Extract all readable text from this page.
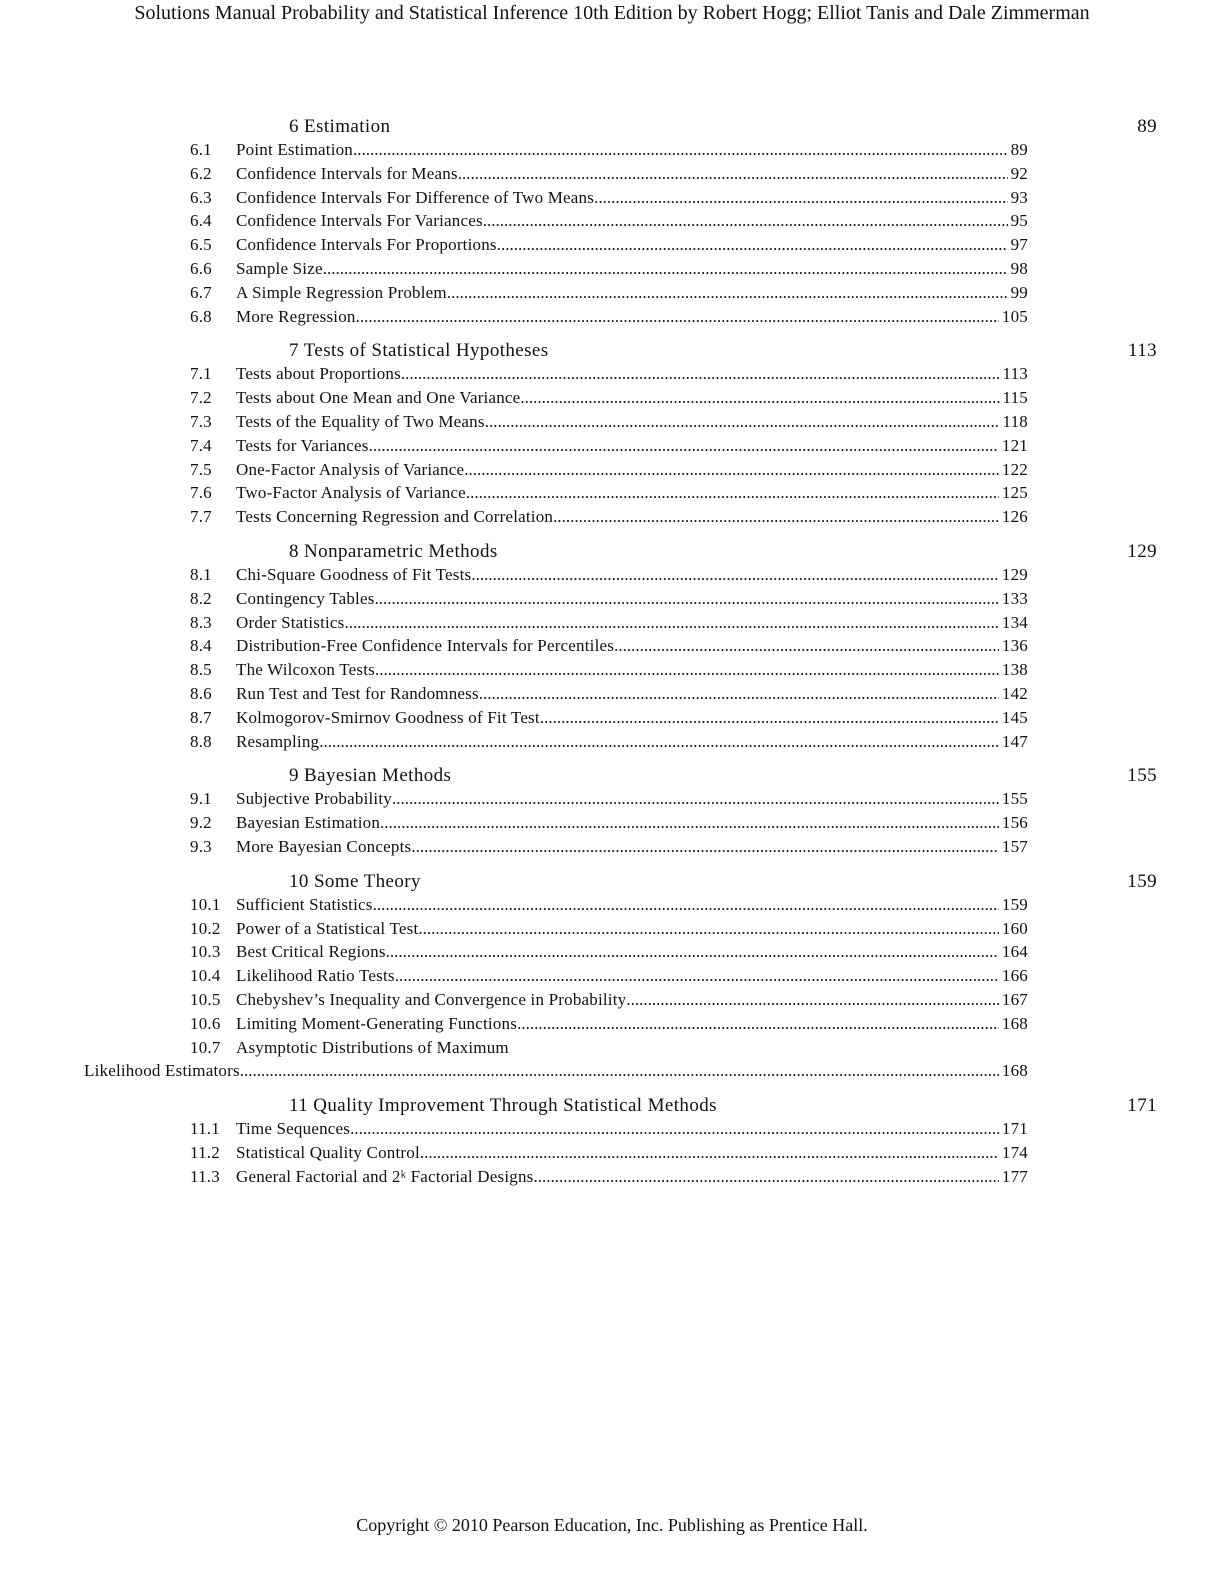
Solutions Manual Probability and Statistical Inference 10th Edition by Robert Hogg; Elliot Tanis and Dale Zimmerman
6 Estimation	89
6.1 Point Estimation .....	89
6.2 Confidence Intervals for Means .....	92
6.3 Confidence Intervals For Difference of Two Means .....	93
6.4 Confidence Intervals For Variances .....	95
6.5 Confidence Intervals For Proportions .....	97
6.6 Sample Size .....	98
6.7 A Simple Regression Problem .....	99
6.8 More Regression .....	105
7 Tests of Statistical Hypotheses	113
7.1 Tests about Proportions .....	113
7.2 Tests about One Mean and One Variance .....	115
7.3 Tests of the Equality of Two Means .....	118
7.4 Tests for Variances .....	121
7.5 One-Factor Analysis of Variance .....	122
7.6 Two-Factor Analysis of Variance .....	125
7.7 Tests Concerning Regression and Correlation .....	126
8 Nonparametric Methods	129
8.1 Chi-Square Goodness of Fit Tests .....	129
8.2 Contingency Tables .....	133
8.3 Order Statistics .....	134
8.4 Distribution-Free Confidence Intervals for Percentiles .....	136
8.5 The Wilcoxon Tests .....	138
8.6 Run Test and Test for Randomness .....	142
8.7 Kolmogorov-Smirnov Goodness of Fit Test .....	145
8.8 Resampling .....	147
9 Bayesian Methods	155
9.1 Subjective Probability .....	155
9.2 Bayesian Estimation .....	156
9.3 More Bayesian Concepts .....	157
10 Some Theory	159
10.1 Sufficient Statistics .....	159
10.2 Power of a Statistical Test .....	160
10.3 Best Critical Regions .....	164
10.4 Likelihood Ratio Tests .....	166
10.5 Chebyshev’s Inequality and Convergence in Probability .....	167
10.6 Limiting Moment-Generating Functions .....	168
10.7 Asymptotic Distributions of Maximum
Likelihood Estimators .....	168
11 Quality Improvement Through Statistical Methods	171
11.1 Time Sequences .....	171
11.2 Statistical Quality Control .....	174
11.3 General Factorial and 2ᵏ Factorial Designs .....	177
Copyright © 2010 Pearson Education, Inc. Publishing as Prentice Hall.
